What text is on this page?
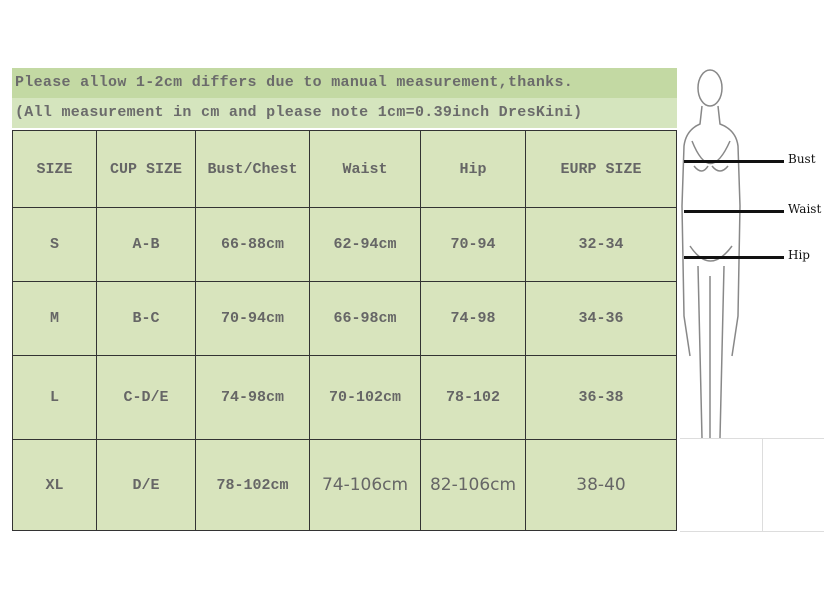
Please allow 1-2cm differs due to manual measurement,thanks.
(All measurement in cm and please note 1cm=0.39inch DresKini)
SIZE	CUP SIZE	Bust/Chest	Waist	Hip	EURP SIZE
S	A-B	66-88cm	62-94cm	70-94	32-34
M	B-C	70-94cm	66-98cm	74-98	34-36
L	C-D/E	74-98cm	70-102cm	78-102	36-38
XL	D/E	78-102cm	74-106cm	82-106cm	38-40
Bust
Waist
Hip
